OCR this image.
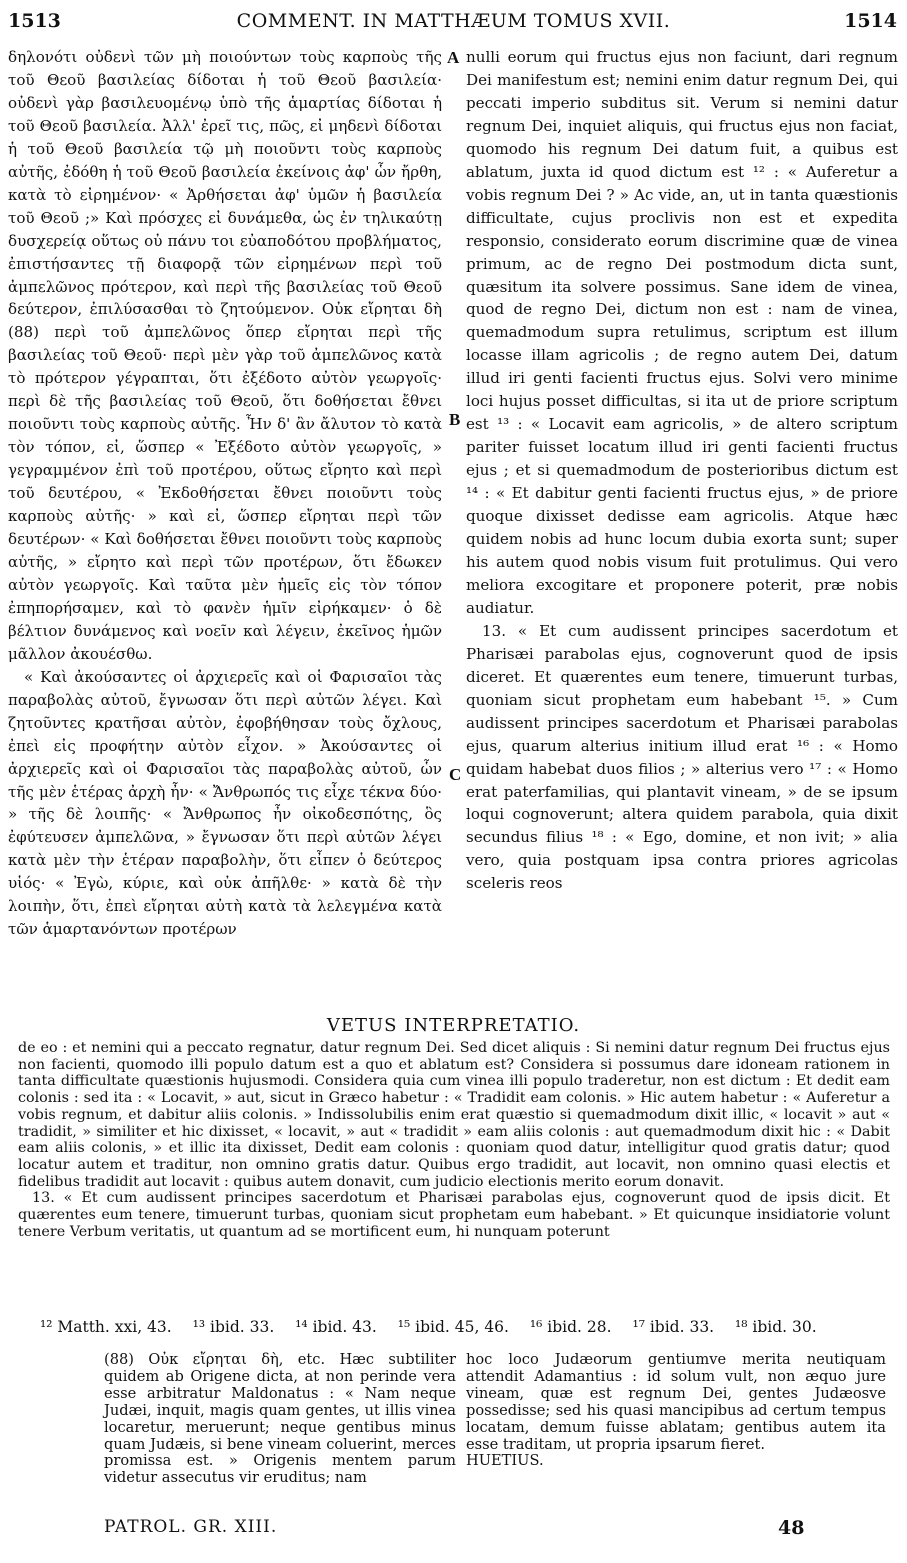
1513	COMMENT. IN MATTHÆUM TOMUS XVII.	1514

δηλονότι οὐδενὶ τῶν μὴ ποιούντων τοὺς καρποὺς τῆς τοῦ Θεοῦ βασιλείας δίδοται ἡ τοῦ Θεοῦ βασιλεία· οὐδενὶ γὰρ βασιλευομένῳ ὑπὸ τῆς ἁμαρτίας δίδοται ἡ τοῦ Θεοῦ βασιλεία. Ἀλλ' ἐρεῖ τις, πῶς, εἰ μηδενὶ δίδοται ἡ τοῦ Θεοῦ βασιλεία τῷ μὴ ποιοῦντι τοὺς καρποὺς αὐτῆς, ἐδόθη ἡ τοῦ Θεοῦ βασιλεία ἐκείνοις ἀφ' ὧν ἤρθη, κατὰ τὸ εἰρημένον· « Ἀρθήσεται ἀφ' ὑμῶν ἡ βασιλεία τοῦ Θεοῦ ;» Καὶ πρόσχες εἰ δυνάμεθα, ὡς ἐν τηλικαύτῃ δυσχερείᾳ οὕτως οὐ πάνυ τοι εὐαποδότου προβλήματος, ἐπιστήσαντες τῇ διαφορᾷ τῶν εἰρημένων περὶ τοῦ ἀμπελῶνος πρότερον, καὶ περὶ τῆς βασιλείας τοῦ Θεοῦ δεύτερον, ἐπιλύσασθαι τὸ ζητούμενον. Οὐκ εἴρηται δὴ (88) περὶ τοῦ ἀμπελῶνος ὅπερ εἴρηται περὶ τῆς βασιλείας τοῦ Θεοῦ· περὶ μὲν γὰρ τοῦ ἀμπελῶνος κατὰ τὸ πρότερον γέγραπται, ὅτι ἐξέδοτο αὐτὸν γεωργοῖς· περὶ δὲ τῆς βασιλείας τοῦ Θεοῦ, ὅτι δοθήσεται ἔθνει ποιοῦντι τοὺς καρποὺς αὐτῆς. Ἦν δ' ἂν ἄλυτον τὸ κατὰ τὸν τόπον, εἰ, ὥσπερ « Ἐξέδοτο αὐτὸν γεωργοῖς, » γεγραμμένον ἐπὶ τοῦ προτέρου, οὕτως εἴρητο καὶ περὶ τοῦ δευτέρου, « Ἐκδοθήσεται ἔθνει ποιοῦντι τοὺς καρποὺς αὐτῆς· » καὶ εἰ, ὥσπερ εἴρηται περὶ τῶν δευτέρων· « Καὶ δοθήσεται ἔθνει ποιοῦντι τοὺς καρποὺς αὐτῆς, » εἴρητο καὶ περὶ τῶν προτέρων, ὅτι ἔδωκεν αὐτὸν γεωργοῖς. Καὶ ταῦτα μὲν ἡμεῖς εἰς τὸν τόπον ἐπηπορήσαμεν, καὶ τὸ φανὲν ἡμῖν εἰρήκαμεν· ὁ δὲ βέλτιον δυνάμενος καὶ νοεῖν καὶ λέγειν, ἐκεῖνος ἡμῶν μᾶλλον ἀκουέσθω.

« Καὶ ἀκούσαντες οἱ ἀρχιερεῖς καὶ οἱ Φαρισαῖοι τὰς παραβολὰς αὐτοῦ, ἔγνωσαν ὅτι περὶ αὐτῶν λέγει. Καὶ ζητοῦντες κρατῆσαι αὐτὸν, ἐφοβήθησαν τοὺς ὄχλους, ἐπεὶ εἰς προφήτην αὐτὸν εἶχον. » Ἀκούσαντες οἱ ἀρχιερεῖς καὶ οἱ Φαρισαῖοι τὰς παραβολὰς αὐτοῦ, ὧν τῆς μὲν ἑτέρας ἀρχὴ ἦν· « Ἄνθρωπός τις εἶχε τέκνα δύο· » τῆς δὲ λοιπῆς· « Ἄνθρωπος ἦν οἰκοδεσπότης, ὃς ἐφύτευσεν ἀμπελῶνα, » ἔγνωσαν ὅτι περὶ αὐτῶν λέγει κατὰ μὲν τὴν ἑτέραν παραβολὴν, ὅτι εἶπεν ὁ δεύτερος υἱός· « Ἐγὼ, κύριε, καὶ οὐκ ἀπῆλθε· » κατὰ δὲ τὴν λοιπὴν, ὅτι, ἐπεὶ εἴρηται αὐτὴ κατὰ τὰ λελεγμένα κατὰ τῶν ἁμαρτανόντων προτέρων

A
B
C

nulli eorum qui fructus ejus non faciunt, dari regnum Dei manifestum est; nemini enim datur regnum Dei, qui peccati imperio subditus sit. Verum si nemini datur regnum Dei, inquiet aliquis, qui fructus ejus non faciat, quomodo his regnum Dei datum fuit, a quibus est ablatum, juxta id quod dictum est ¹² : « Auferetur a vobis regnum Dei ? » Ac vide, an, ut in tanta quæstionis difficultate, cujus proclivis non est et expedita responsio, considerato eorum discrimine quæ de vinea primum, ac de regno Dei postmodum dicta sunt, quæsitum ita solvere possimus. Sane idem de vinea, quod de regno Dei, dictum non est : nam de vinea, quemadmodum supra retulimus, scriptum est illum locasse illam agricolis ; de regno autem Dei, datum illud iri genti facienti fructus ejus. Solvi vero minime loci hujus posset difficultas, si ita ut de priore scriptum est ¹³ : « Locavit eam agricolis, » de altero scriptum pariter fuisset locatum illud iri genti facienti fructus ejus ; et si quemadmodum de posterioribus dictum est ¹⁴ : « Et dabitur genti facienti fructus ejus, » de priore quoque dixisset dedisse eam agricolis. Atque hæc quidem nobis ad hunc locum dubia exorta sunt; super his autem quod nobis visum fuit protulimus. Qui vero meliora excogitare et proponere poterit, præ nobis audiatur.

13. « Et cum audissent principes sacerdotum et Pharisæi parabolas ejus, cognoverunt quod de ipsis diceret. Et quærentes eum tenere, timuerunt turbas, quoniam sicut prophetam eum habebant ¹⁵. » Cum audissent principes sacerdotum et Pharisæi parabolas ejus, quarum alterius initium illud erat ¹⁶ : « Homo quidam habebat duos filios ; » alterius vero ¹⁷ : « Homo erat paterfamilias, qui plantavit vineam, » de se ipsum loqui cognoverunt; altera quidem parabola, quia dixit secundus filius ¹⁸ : « Ego, domine, et non ivit; » alia vero, quia postquam ipsa contra priores agricolas sceleris reos

VETUS INTERPRETATIO.

de eo : et nemini qui a peccato regnatur, datur regnum Dei. Sed dicet aliquis : Si nemini datur regnum Dei fructus ejus non facienti, quomodo illi populo datum est a quo et ablatum est? Considera si possumus dare idoneam rationem in tanta difficultate quæstionis hujusmodi. Considera quia cum vinea illi populo traderetur, non est dictum : Et dedit eam colonis : sed ita : « Locavit, » aut, sicut in Græco habetur : « Tradidit eam colonis. » Hic autem habetur : « Auferetur a vobis regnum, et dabitur aliis colonis. » Indissolubilis enim erat quæstio si quemadmodum dixit illic, « locavit » aut « tradidit, » similiter et hic dixisset, « locavit, » aut « tradidit » eam aliis colonis : aut quemadmodum dixit hic : « Dabit eam aliis colonis, » et illic ita dixisset, Dedit eam colonis : quoniam quod datur, intelligitur quod gratis datur; quod locatur autem et traditur, non omnino gratis datur. Quibus ergo tradidit, aut locavit, non omnino quasi electis et fidelibus tradidit aut locavit : quibus autem donavit, cum judicio electionis merito eorum donavit.

13. « Et cum audissent principes sacerdotum et Pharisæi parabolas ejus, cognoverunt quod de ipsis dicit. Et quærentes eum tenere, timuerunt turbas, quoniam sicut prophetam eum habebant. » Et quicunque insidiatorie volunt tenere Verbum veritatis, ut quantum ad se mortificent eum, hi nunquam poterunt

¹² Matth. xxi, 43. ¹³ ibid. 33. ¹⁴ ibid. 43. ¹⁵ ibid. 45, 46. ¹⁶ ibid. 28. ¹⁷ ibid. 33. ¹⁸ ibid. 30.

(88) Οὐκ εἴρηται δὴ, etc. Hæc subtiliter quidem ab Origene dicta, at non perinde vera esse arbitratur Maldonatus : « Nam neque Judæi, inquit, magis quam gentes, ut illis vinea locaretur, meruerunt; neque gentibus minus quam Judæis, si bene vineam coluerint, merces promissa est. » Origenis mentem parum videtur assecutus vir eruditus; nam

hoc loco Judæorum gentiumve merita neutiquam attendit Adamantius : id solum vult, non æquo jure vineam, quæ est regnum Dei, gentes Judæosve possedisse; sed his quasi mancipibus ad certum tempus locatam, demum fuisse ablatam; gentibus autem ita esse traditam, ut propria ipsarum fieret.

HUETIUS.

PATROL. GR. XIII.	48
